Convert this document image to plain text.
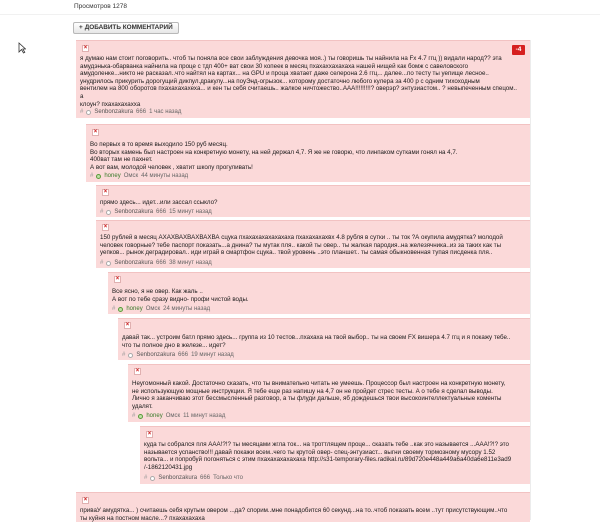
Просмотров 1278
+ ДОБАВИТЬ КОММЕНТАРИЙ
×	-4
я думаю нам стоит поговорить.. чтоб ты поняла все свои заблуждения девочка моя..) ты говоришь ты найнила на Fx 4.7 ггц )) видали народ?? эта
амудэнька-обарванка найнила на проце с тдп 400+ ват свои 30 копеек в месяц пхахаххахахаха нашей нищей как бомж с савеловского
амудоленке...никто не расказал..что найтял на картах... на GPU и проца хватает даже селерона 2.6 ггц... далее...по тесту ты уепище лесное..
унудрилось прикурить дорогущий дикпул.дракулу...на поуЭнд-огрызок... которому достаточно любого кулера за 400 р с одним тихоходным
вентилем на 800 оборотов пхахахахахеха... и кен ты себя считаешь.. жалкое ничтожество..ААА!!!!!!!!!? оверэр? энтузиастом.. ? невыпеченным спецом.. а
клоун? пхахахахахха
# Senbonzakura 666 1 час назад
×
Во первых в то время выходило 150 руб месяц.
Во вторых камень был настроен на конкретную монету, на ней держал 4,7. Я же не говорю, что линпаком сутками гонял на 4,7.
400ват там не пахнет.
А вот вам, молодой человек , хватит школу прогуливать!
# honey Омск 44 минуты назад
×
прямо здесь... идет...или зассал ссыкло?
# Senbonzakura 666 15 минут назад
×
150 рублей в месяц АХАХВАХВАХВАХВА сцука пхахахахахахахаха пхахахахахвх 4.8 рубля в сутки .. ты ток ?А окупила амудятка? молодой
человек говорные? тебе паспорт показать...а днина? ты мутак пля.. какой ты овер.. ты жалкая пародия..на железячника..из за таких как ты
уепков... рынок деградировал.. иди играй в смартфон сцука.. твой уровень ..это планшет.. ты самая обыкновенная тупая писденка пля..
# Senbonzakura 666 38 минут назад
×
Все ясно, я не овер. Как жаль ..
А вот по тебе сразу видно- профи чистой воды.
# honey Омск 24 минуты назад
×
давай так... устроим батл прямо здесь... группа из 10 тестов...пхахаха на твой выбор.. ты на своем FX вишера 4.7 ггц и я покажу тебе..
что ты полное дно в железе... идет?
# Senbonzakura 666 19 минут назад
×
Неугомонный какой. Достаточно сказать, что ты внимательно читать не умеешь. Процессор был настроен на конкретную монету,
не использующую мощные инструкции. Я тебе еще раз напишу на 4,7 он не пройдет стрес тесты. А о тебе я сделал выводы.
Лично я заканчиваю этот бессмысленный разговор, а ты флуди дальше, яб дождешься твои высокоинтеллектуальные коменты
удалят.
# honey Омск 11 минут назад
×
куда ты собрался пля ААА!?!? ты месяцами жгла ток... на троттлящем проце... сказать тебе ..как это называется ...ААА!?!? это
называется успанство!!! давай покажи всем..чего ты крутой овер- спец-энтузиаст... выгни своему тормозному мусору 1.52
вольта... и попробуй погоняться с этим пхахахахахахаха http://s31-temporary-files.radikal.ru/89d720e448a449a6a40da6e811e3ad9
/-1862120431.jpg
# Senbonzakura 666 Только что
×
приваУ амудятка... ) считаешь себя крутым овером ...да? спорим..мне понадобится 60 секунд...на то..чтоб показать всем ..тут присутствующим..что
ты куйня на постном масле...? пхахахахаха
